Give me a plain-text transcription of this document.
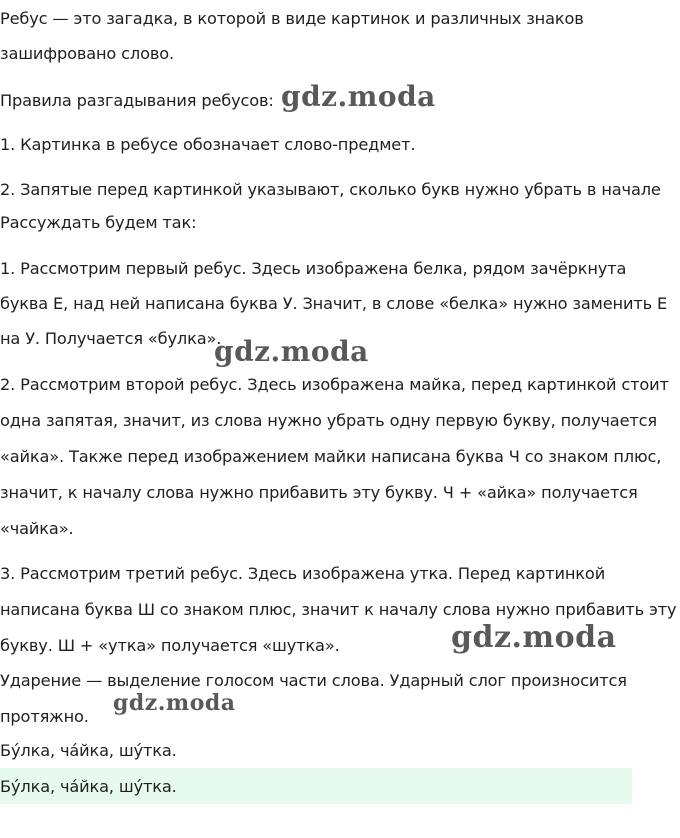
Ребус — это загадка, в которой в виде картинок и различных знаков

зашифровано слово.

Правила разгадывания ребусов:

1. Картинка в ребусе обозначает слово-предмет.

2. Запятые перед картинкой указывают, сколько букв нужно убрать в начале

Рассуждать будем так:

1. Рассмотрим первый ребус. Здесь изображена белка, рядом зачёркнута

буква Е, над ней написана буква У. Значит, в слове «белка» нужно заменить Е

на У. Получается «булка».

2. Рассмотрим второй ребус. Здесь изображена майка, перед картинкой стоит

одна запятая, значит, из слова нужно убрать одну первую букву, получается

«айка». Также перед изображением майки написана буква Ч со знаком плюс,

значит, к началу слова нужно прибавить эту букву. Ч + «айка» получается

«чайка».

3. Рассмотрим третий ребус. Здесь изображена утка. Перед картинкой

написана буква Ш со знаком плюс, значит к началу слова нужно прибавить эту

букву. Ш + «утка» получается «шутка».

Ударение — выделение голосом части слова. Ударный слог произносится

протяжно.

Бу́лка, ча́йка, шу́тка.

Бу́лка, ча́йка, шу́тка.

gdz.moda
gdz.moda
gdz.moda
gdz.moda
